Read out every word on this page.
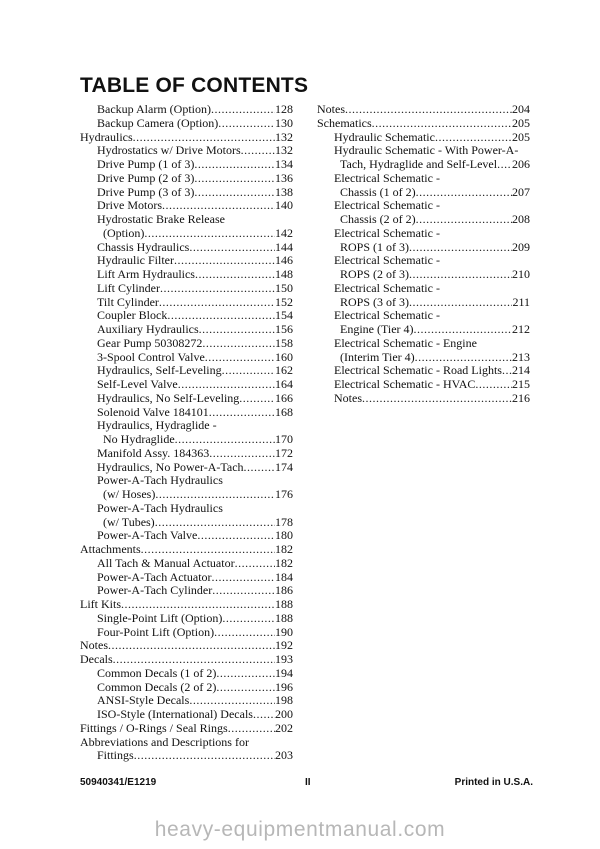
TABLE OF CONTENTS
Backup Alarm (Option) .....	128
Backup Camera (Option) .....	130
Hydraulics .....	132
Hydrostatics w/ Drive Motors .....	132
Drive Pump (1 of 3) .....	134
Drive Pump (2 of 3) .....	136
Drive Pump (3 of 3) .....	138
Drive Motors .....	140
Hydrostatic Brake Release
(Option) .....	142
Chassis Hydraulics .....	144
Hydraulic Filter .....	146
Lift Arm Hydraulics .....	148
Lift Cylinder .....	150
Tilt Cylinder .....	152
Coupler Block .....	154
Auxiliary Hydraulics .....	156
Gear Pump 50308272 .....	158
3-Spool Control Valve .....	160
Hydraulics, Self-Leveling .....	162
Self-Level Valve .....	164
Hydraulics, No Self-Leveling .....	166
Solenoid Valve 184101 .....	168
Hydraulics, Hydraglide -
No Hydraglide .....	170
Manifold Assy. 184363 .....	172
Hydraulics, No Power-A-Tach .....	174
Power-A-Tach Hydraulics
(w/ Hoses) .....	176
Power-A-Tach Hydraulics
(w/ Tubes) .....	178
Power-A-Tach Valve .....	180
Attachments .....	182
All Tach & Manual Actuator .....	182
Power-A-Tach Actuator .....	184
Power-A-Tach Cylinder .....	186
Lift Kits .....	188
Single-Point Lift (Option) .....	188
Four-Point Lift (Option) .....	190
Notes .....	192
Decals .....	193
Common Decals (1 of 2) .....	194
Common Decals (2 of 2) .....	196
ANSI-Style Decals .....	198
ISO-Style (International) Decals ..... 200
Fittings / O-Rings / Seal Rings .....	202
Abbreviations and Descriptions for
Fittings .....	203
Notes .....	204
Schematics .....	205
Hydraulic Schematic .....	205
Hydraulic Schematic - With Power-A-
Tach, Hydraglide and Self-Level ..... 206
Electrical Schematic -
Chassis (1 of 2) .....	207
Electrical Schematic -
Chassis (2 of 2) .....	208
Electrical Schematic -
ROPS (1 of 3) .....	209
Electrical Schematic -
ROPS (2 of 3) .....	210
Electrical Schematic -
ROPS (3 of 3) .....	211
Electrical Schematic -
Engine (Tier 4) .....	212
Electrical Schematic - Engine
(Interim Tier 4) .....	213
Electrical Schematic - Road Lights ..... 214
Electrical Schematic - HVAC .....	215
Notes .....	216
50940341/E1219	II	Printed in U.S.A.
heavy-equipmentmanual.com
